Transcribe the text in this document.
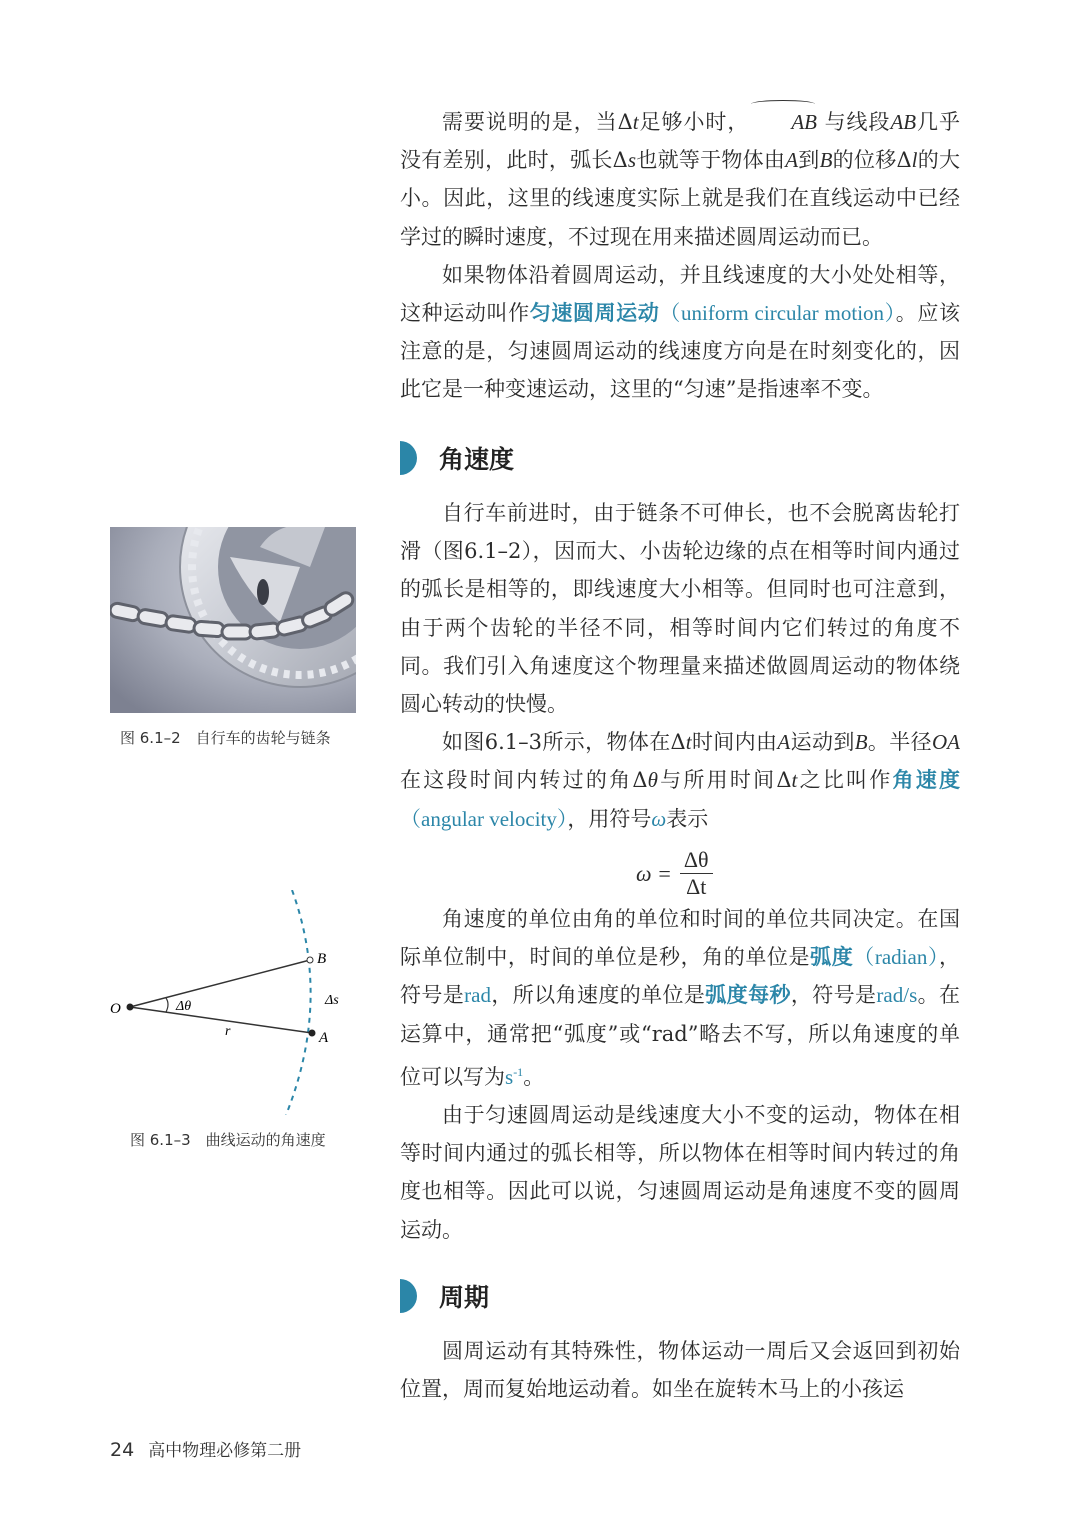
需要说明的是，当Δt足够小时， AB 与线段AB几乎没有差别，此时，弧长Δs也就等于物体由A到B的位移Δl的大小。因此，这里的线速度实际上就是我们在直线运动中已经学过的瞬时速度，不过现在用来描述圆周运动而已。

如果物体沿着圆周运动，并且线速度的大小处处相等，这种运动叫作匀速圆周运动（uniform circular motion）。应该注意的是，匀速圆周运动的线速度方向是在时刻变化的，因此它是一种变速运动，这里的“匀速”是指速率不变。

角速度

自行车前进时，由于链条不可伸长，也不会脱离齿轮打滑（图6.1–2），因而大、小齿轮边缘的点在相等时间内通过的弧长是相等的，即线速度大小相等。但同时也可注意到，由于两个齿轮的半径不同，相等时间内它们转过的角度不同。我们引入角速度这个物理量来描述做圆周运动的物体绕圆心转动的快慢。

如图6.1–3所示，物体在Δt时间内由A运动到B。半径OA在这段时间内转过的角Δθ与所用时间Δt之比叫作角速度（angular velocity），用符号ω表示

$\omega = \frac{\Delta\theta}{\Delta t}$

角速度的单位由角的单位和时间的单位共同决定。在国际单位制中，时间的单位是秒，角的单位是弧度（radian），符号是rad，所以角速度的单位是弧度每秒，符号是rad/s。在运算中，通常把“弧度”或“rad”略去不写，所以角速度的单位可以写为$s^{-1}$。

由于匀速圆周运动是线速度大小不变的运动，物体在相等时间内通过的弧长相等，所以物体在相等时间内转过的角度也相等。因此可以说，匀速圆周运动是角速度不变的圆周运动。

周期

圆周运动有其特殊性，物体运动一周后又会返回到初始位置，周而复始地运动着。如坐在旋转木马上的小孩运

图 6.1–2　自行车的齿轮与链条
O
B
A
r
Δs
Δθ
图 6.1–3　曲线运动的角速度
24 高中物理必修第二册
